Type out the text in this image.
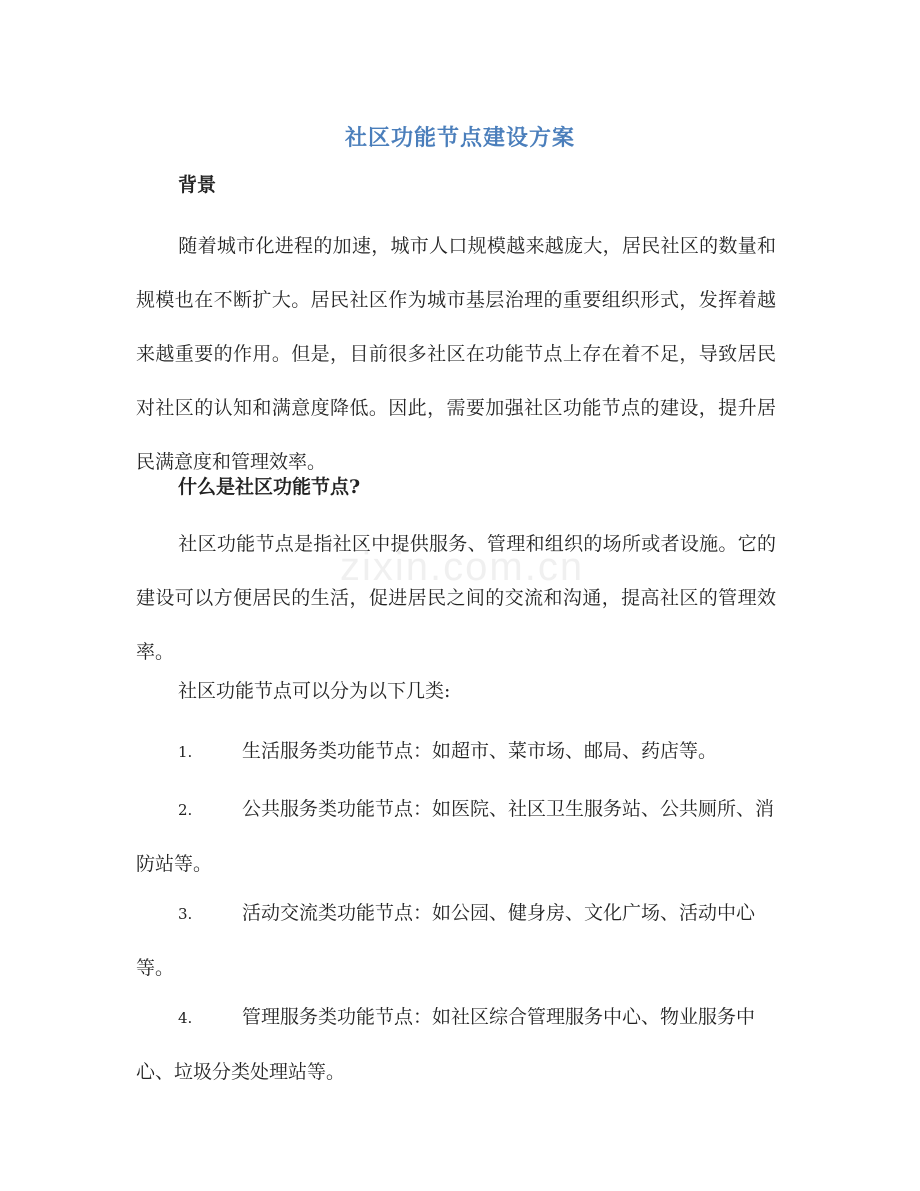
社区功能节点建设方案
背景

随着城市化进程的加速，城市人口规模越来越庞大，居民社区的数量和规模也在不断扩大。居民社区作为城市基层治理的重要组织形式，发挥着越来越重要的作用。但是，目前很多社区在功能节点上存在着不足，导致居民对社区的认知和满意度降低。因此，需要加强社区功能节点的建设，提升居民满意度和管理效率。

什么是社区功能节点?

社区功能节点是指社区中提供服务、管理和组织的场所或者设施。它的建设可以方便居民的生活，促进居民之间的交流和沟通，提高社区的管理效率。

社区功能节点可以分为以下几类:

1.	生活服务类功能节点：如超市、菜市场、邮局、药店等。

2.	公共服务类功能节点：如医院、社区卫生服务站、公共厕所、消防站等。

3.	活动交流类功能节点：如公园、健身房、文化广场、活动中心等。

4.	管理服务类功能节点：如社区综合管理服务中心、物业服务中心、垃圾分类处理站等。

zixin.com.cn
